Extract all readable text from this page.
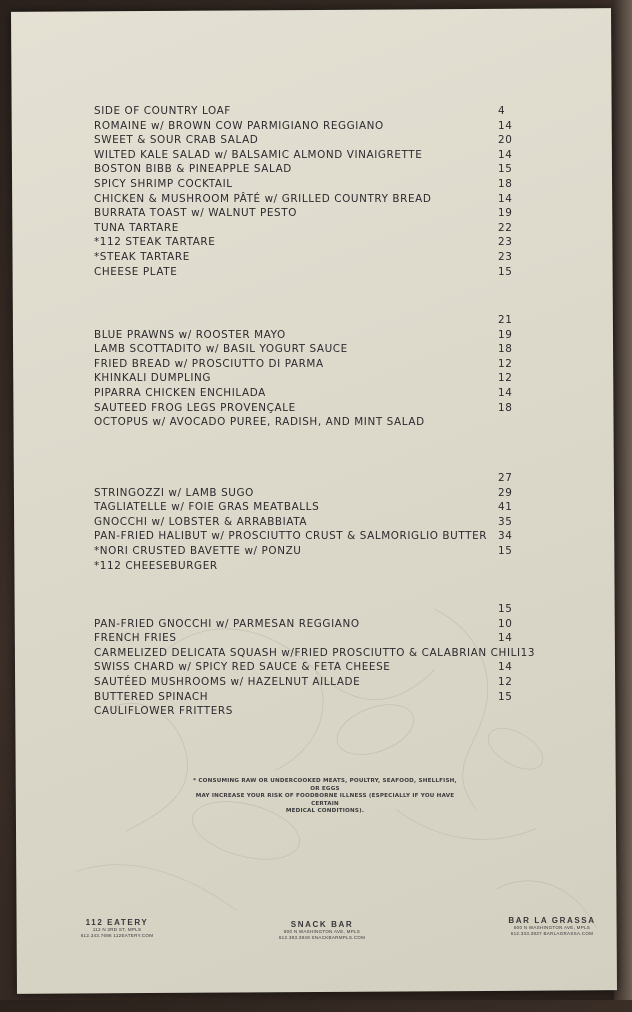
SIDE OF COUNTRY LOAF	4
ROMAINE w/ BROWN COW PARMIGIANO REGGIANO	14
SWEET & SOUR CRAB SALAD	20
WILTED KALE SALAD w/ BALSAMIC ALMOND VINAIGRETTE	14
BOSTON BIBB & PINEAPPLE SALAD	15
SPICY SHRIMP COCKTAIL	18
CHICKEN & MUSHROOM PÂTÉ w/ GRILLED COUNTRY BREAD	14
BURRATA TOAST w/ WALNUT PESTO	19
TUNA TARTARE	22
*112 STEAK TARTARE	23
*STEAK TARTARE	23
CHEESE PLATE	15
21
BLUE PRAWNS w/ ROOSTER MAYO	19
LAMB SCOTTADITO w/ BASIL YOGURT SAUCE	18
FRIED BREAD w/ PROSCIUTTO DI PARMA	12
KHINKALI DUMPLING	12
PIPARRA CHICKEN ENCHILADA	14
SAUTEED FROG LEGS PROVENÇALE	18
OCTOPUS w/ AVOCADO PUREE, RADISH, AND MINT SALAD
27
STRINGOZZI w/ LAMB SUGO	29
TAGLIATELLE w/ FOIE GRAS MEATBALLS	41
GNOCCHI w/ LOBSTER & ARRABBIATA	35
PAN-FRIED HALIBUT w/ PROSCIUTTO CRUST & SALMORIGLIO BUTTER 34
*NORI CRUSTED BAVETTE w/ PONZU	15
*112 CHEESEBURGER
15
PAN-FRIED GNOCCHI w/ PARMESAN REGGIANO	10
FRENCH FRIES	14
CARMELIZED DELICATA SQUASH w/FRIED PROSCIUTTO & CALABRIAN CHILI 13
SWISS CHARD w/ SPICY RED SAUCE & FETA CHEESE	14
SAUTÉED MUSHROOMS w/ HAZELNUT AILLADE	12
BUTTERED SPINACH	15
CAULIFLOWER FRITTERS
* CONSUMING RAW OR UNDERCOOKED MEATS, POULTRY, SEAFOOD, SHELLFISH, OR EGGS
MAY INCREASE YOUR RISK OF FOODBORNE ILLNESS (ESPECIALLY IF YOU HAVE CERTAIN
MEDICAL CONDITIONS).
112 EATERY
112 N 3RD ST, MPLS
612.343.7696 112EATERY.COM
SNACK BAR
800 N WASHINGTON AVE, MPLS
612.383.3848 SNACKBARMPLS.COM
BAR LA GRASSA
800 N WASHINGTON AVE, MPLS
612.333.3837 BARLAGRASSA.COM
